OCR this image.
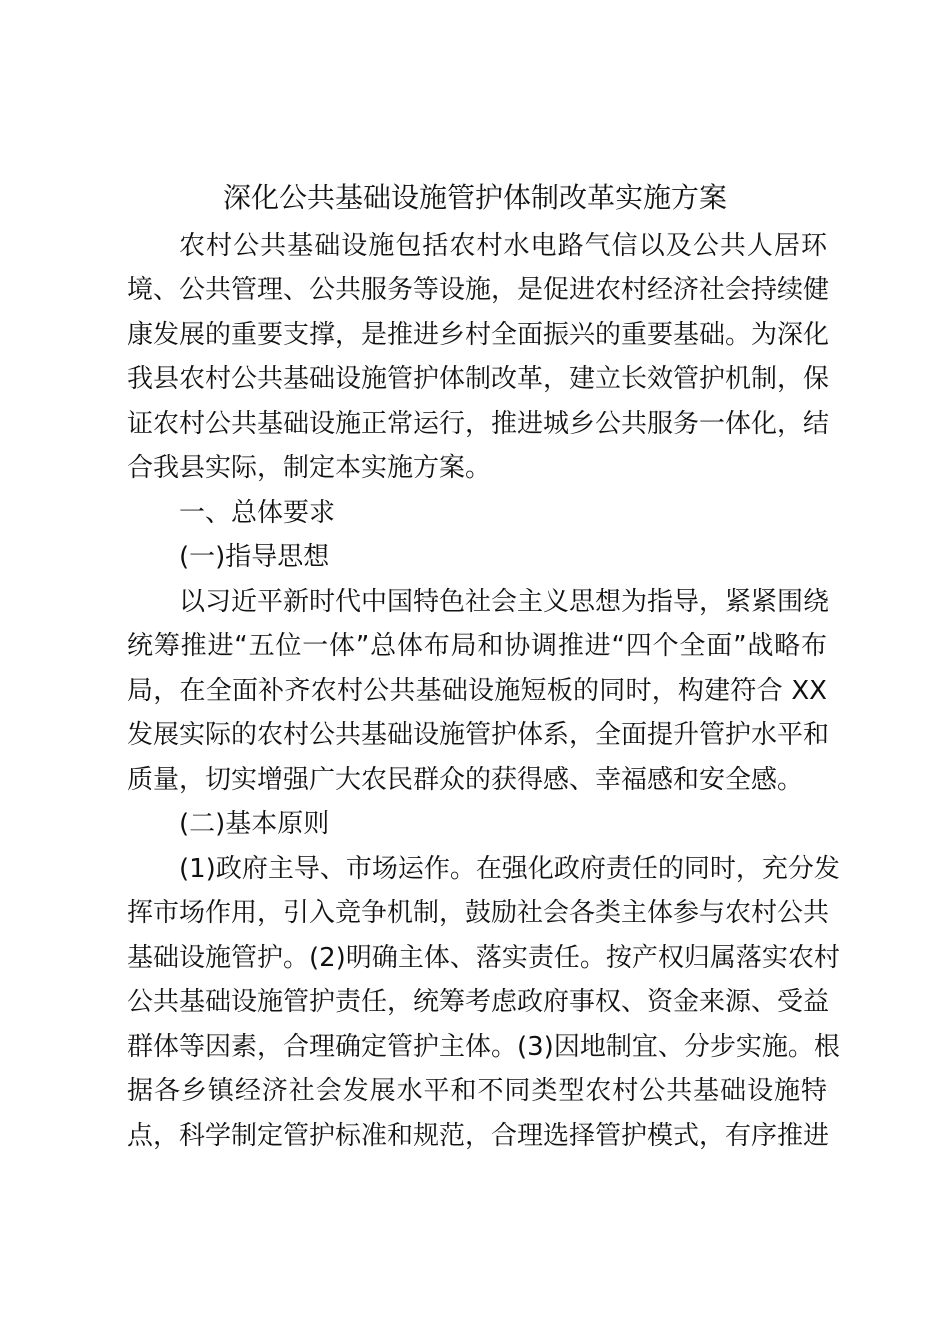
深化公共基础设施管护体制改革实施方案
农村公共基础设施包括农村水电路气信以及公共人居环
境、公共管理、公共服务等设施，是促进农村经济社会持续健
康发展的重要支撑，是推进乡村全面振兴的重要基础。为深化
我县农村公共基础设施管护体制改革，建立长效管护机制，保
证农村公共基础设施正常运行，推进城乡公共服务一体化，结
合我县实际，制定本实施方案。
一、总体要求
(一)指导思想
以习近平新时代中国特色社会主义思想为指导，紧紧围绕
统筹推进“五位一体”总体布局和协调推进“四个全面”战略布
局，在全面补齐农村公共基础设施短板的同时，构建符合 XX
发展实际的农村公共基础设施管护体系，全面提升管护水平和
质量，切实增强广大农民群众的获得感、幸福感和安全感。
(二)基本原则
(1)政府主导、市场运作。在强化政府责任的同时，充分发
挥市场作用，引入竞争机制，鼓励社会各类主体参与农村公共
基础设施管护。(2)明确主体、落实责任。按产权归属落实农村
公共基础设施管护责任，统筹考虑政府事权、资金来源、受益
群体等因素，合理确定管护主体。(3)因地制宜、分步实施。根
据各乡镇经济社会发展水平和不同类型农村公共基础设施特
点，科学制定管护标准和规范，合理选择管护模式，有序推进
